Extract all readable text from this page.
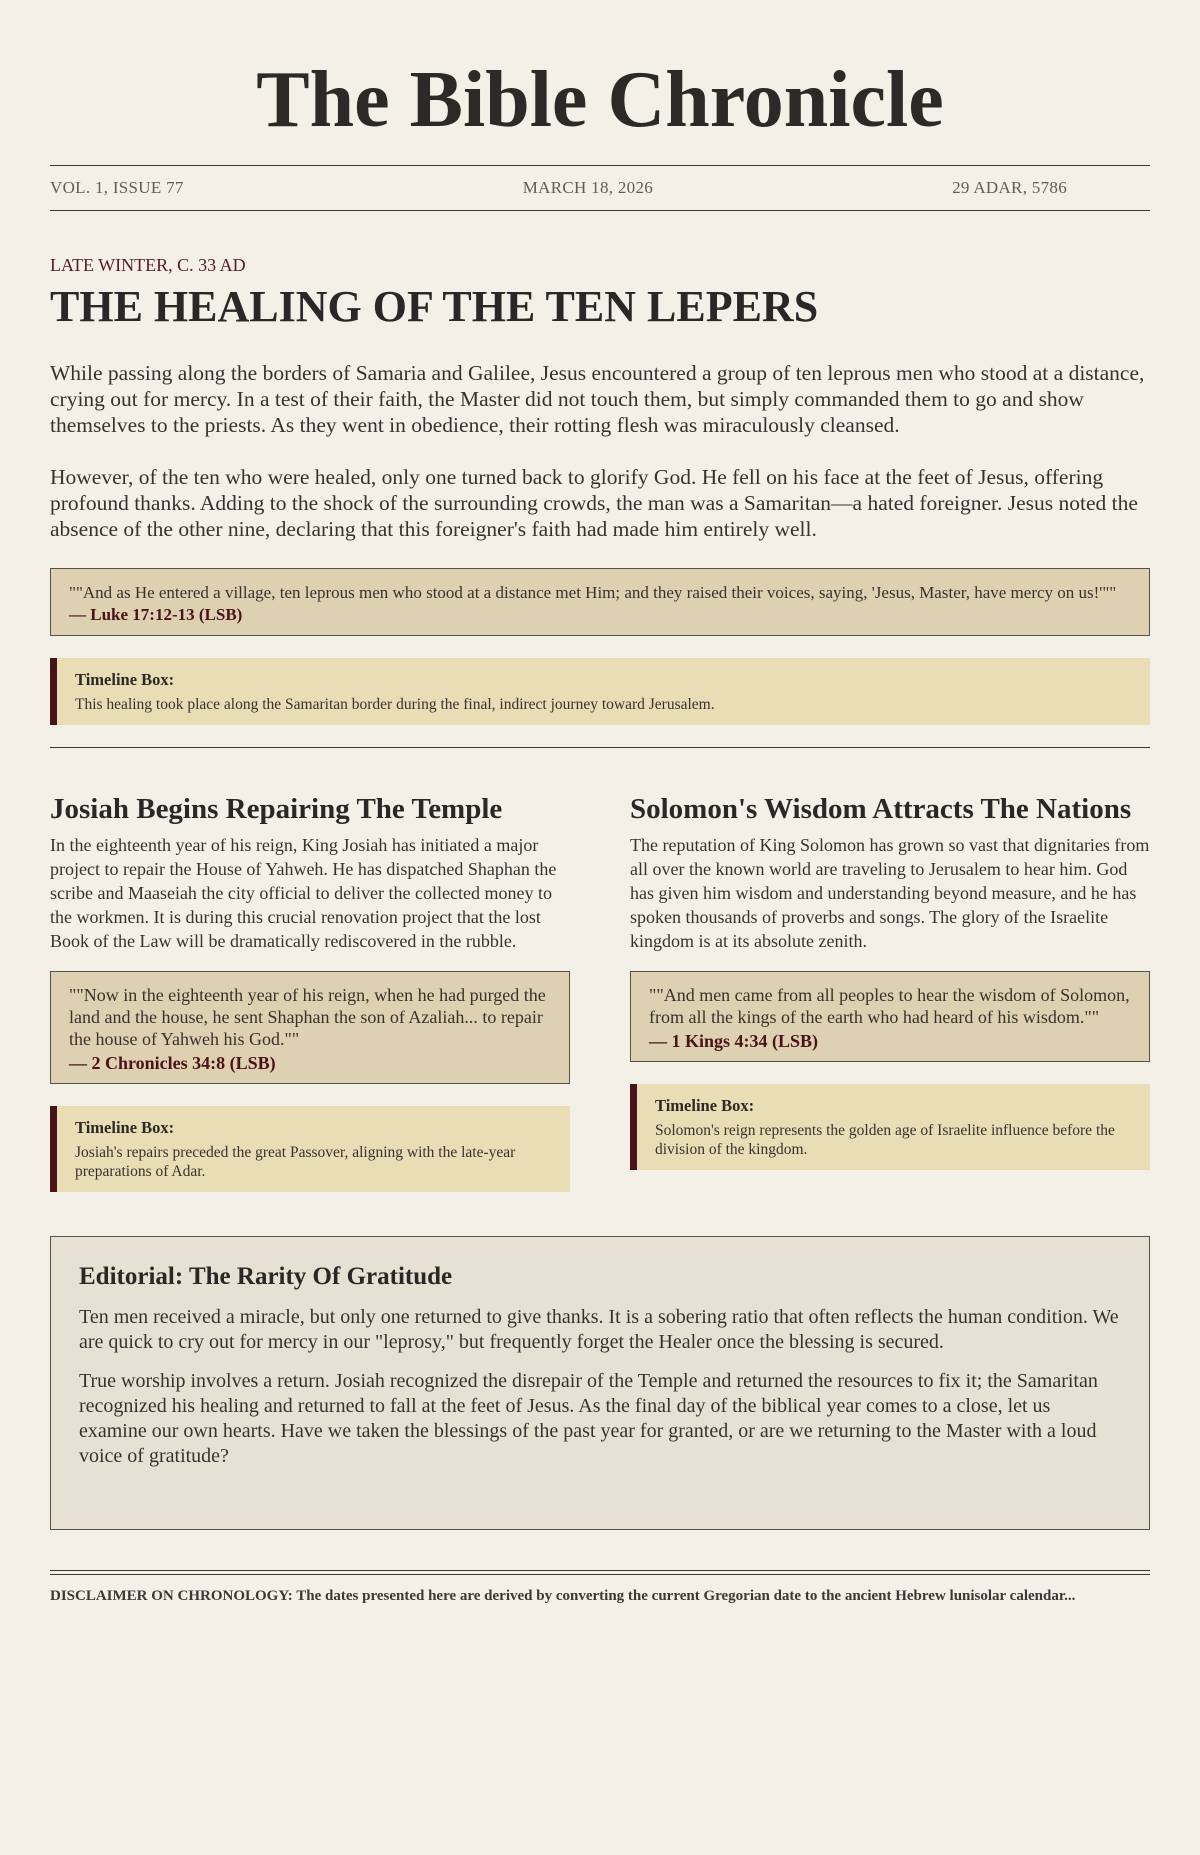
The Bible Chronicle
VOL. 1, ISSUE 77	MARCH 18, 2026	29 ADAR, 5786
LATE WINTER, C. 33 AD
THE HEALING OF THE TEN LEPERS

While passing along the borders of Samaria and Galilee, Jesus encountered a group of ten leprous men who stood at a distance, crying out for mercy. In a test of their faith, the Master did not touch them, but simply commanded them to go and show themselves to the priests. As they went in obedience, their rotting flesh was miraculously cleansed.

However, of the ten who were healed, only one turned back to glorify God. He fell on his face at the feet of Jesus, offering profound thanks. Adding to the shock of the surrounding crowds, the man was a Samaritan—a hated foreigner. Jesus noted the absence of the other nine, declaring that this foreigner's faith had made him entirely well.

""And as He entered a village, ten leprous men who stood at a distance met Him; and they raised their voices, saying, 'Jesus, Master, have mercy on us!'""
— Luke 17:12-13 (LSB)
Timeline Box:
This healing took place along the Samaritan border during the final, indirect journey toward Jerusalem.
Josiah Begins Repairing The Temple

In the eighteenth year of his reign, King Josiah has initiated a major project to repair the House of Yahweh. He has dispatched Shaphan the scribe and Maaseiah the city official to deliver the collected money to the workmen. It is during this crucial renovation project that the lost Book of the Law will be dramatically rediscovered in the rubble.

""Now in the eighteenth year of his reign, when he had purged the land and the house, he sent Shaphan the son of Azaliah... to repair the house of Yahweh his God.""
— 2 Chronicles 34:8 (LSB)
Timeline Box:
Josiah's repairs preceded the great Passover, aligning with the late-year preparations of Adar.
Solomon's Wisdom Attracts The Nations

The reputation of King Solomon has grown so vast that dignitaries from all over the known world are traveling to Jerusalem to hear him. God has given him wisdom and understanding beyond measure, and he has spoken thousands of proverbs and songs. The glory of the Israelite kingdom is at its absolute zenith.

""And men came from all peoples to hear the wisdom of Solomon, from all the kings of the earth who had heard of his wisdom.""
— 1 Kings 4:34 (LSB)
Timeline Box:
Solomon's reign represents the golden age of Israelite influence before the division of the kingdom.
Editorial: The Rarity Of Gratitude

Ten men received a miracle, but only one returned to give thanks. It is a sobering ratio that often reflects the human condition. We are quick to cry out for mercy in our "leprosy," but frequently forget the Healer once the blessing is secured.

True worship involves a return. Josiah recognized the disrepair of the Temple and returned the resources to fix it; the Samaritan recognized his healing and returned to fall at the feet of Jesus. As the final day of the biblical year comes to a close, let us examine our own hearts. Have we taken the blessings of the past year for granted, or are we returning to the Master with a loud voice of gratitude?

DISCLAIMER ON CHRONOLOGY: The dates presented here are derived by converting the current Gregorian date to the ancient Hebrew lunisolar calendar...
